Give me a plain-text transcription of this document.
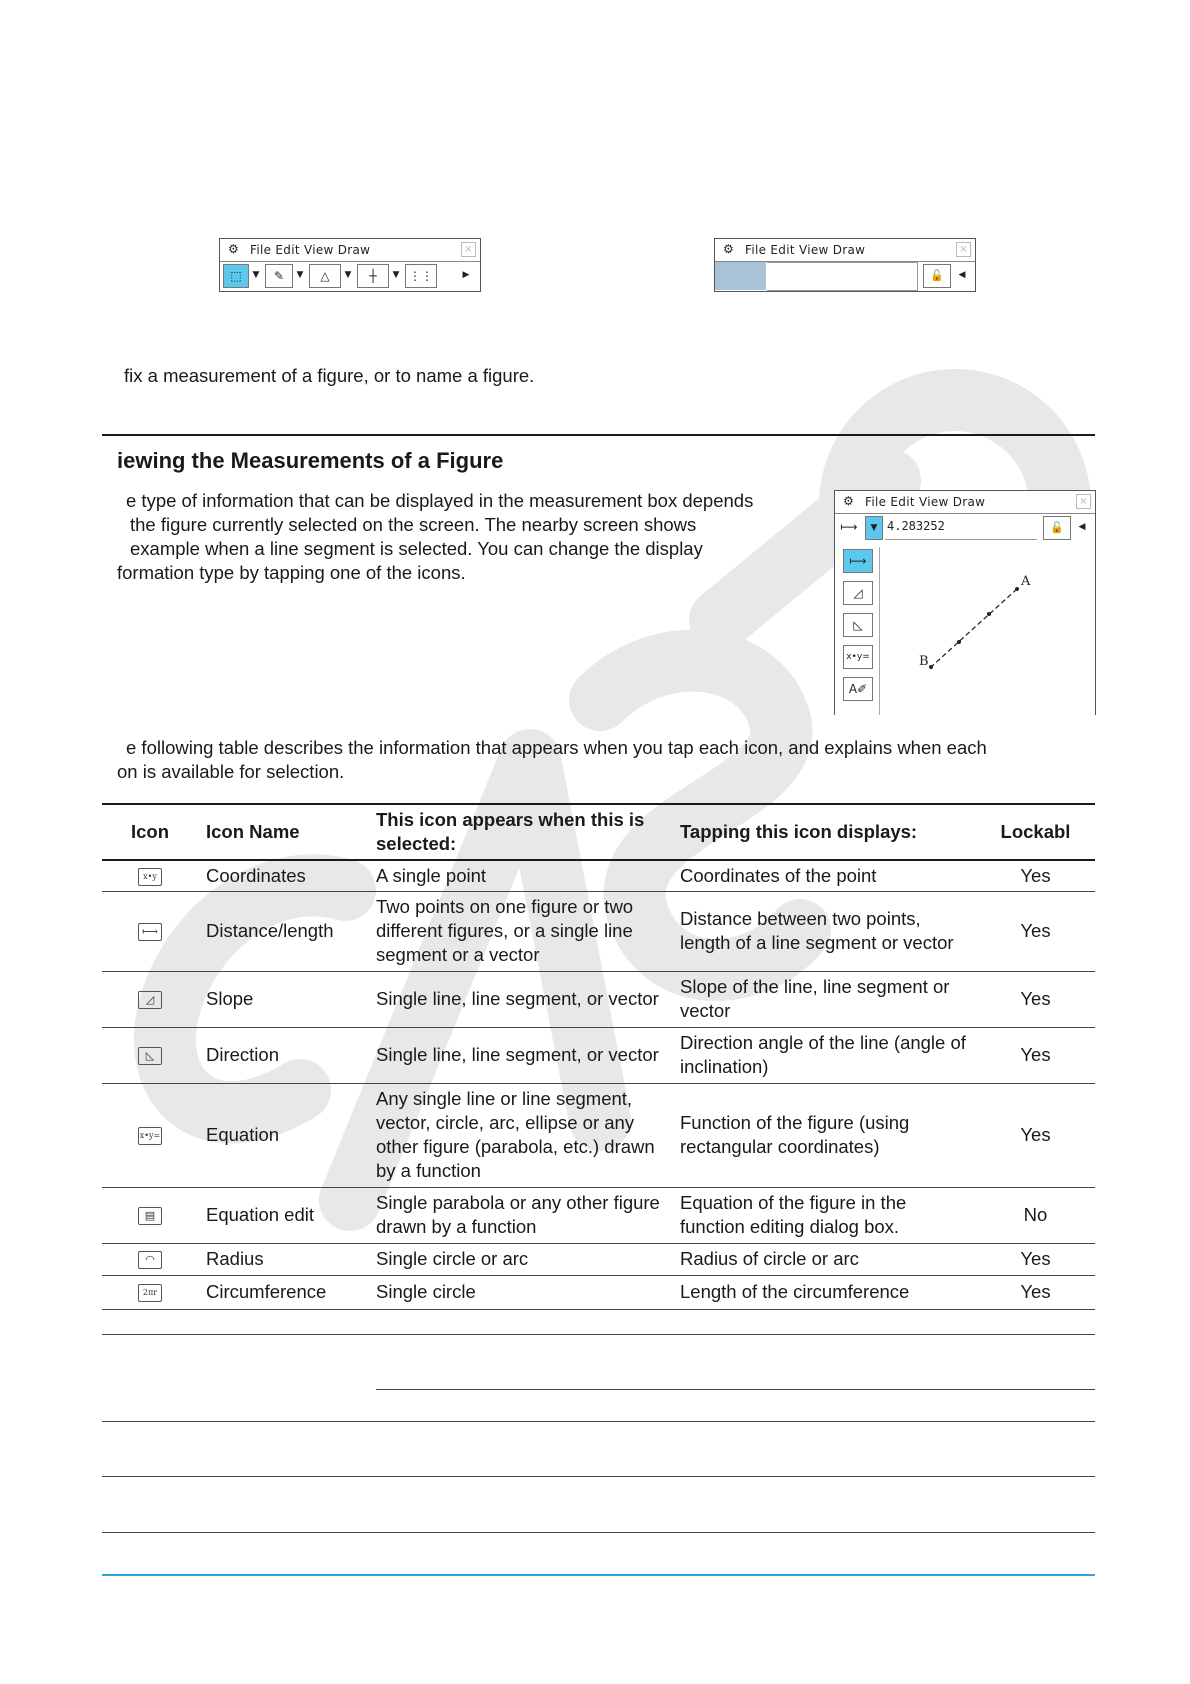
⚙ File Edit View Draw	×
⬚	▼	✎	▼	△	▼	┼	▼ ⋮⋮	▶
⚙ File Edit View Draw	×
🔓	◀

fix a measurement of a figure, or to name a figure.

iewing the Measurements of a Figure

e type of information that can be displayed in the measurement box depends

the figure currently selected on the screen. The nearby screen shows

example when a line segment is selected. You can change the display

formation type by tapping one of the icons.

⚙ File Edit View Draw	×
⟼	▼ 4.283252	🔓	◀
⟼
◿
◺
x•y=
A✐
A
B

e following table describes the information that appears when you tap each icon, and explains when each

on is available for selection.

Icon	Icon Name	This icon appears when this is selected:	Tapping this icon displays:	Lockabl
x•y	Coordinates	A single point	Coordinates of the point	Yes
⟼	Distance/length	Two points on one figure or two different figures, or a single line segment or a vector	Distance between two points, length of a line segment or vector	Yes
◿	Slope	Single line, line segment, or vector	Slope of the line, line segment or vector	Yes
◺	Direction	Single line, line segment, or vector	Direction angle of the line (angle of inclination)	Yes
x•y=	Equation	Any single line or line segment, vector, circle, arc, ellipse or any other figure (parabola, etc.) drawn by a function	Function of the figure (using rectangular coordinates)	Yes
▤	Equation edit	Single parabola or any other figure drawn by a function	Equation of the figure in the function editing dialog box.	No
◠	Radius	Single circle or arc	Radius of circle or arc	Yes
2πr	Circumference	Single circle	Length of the circumference	Yes
